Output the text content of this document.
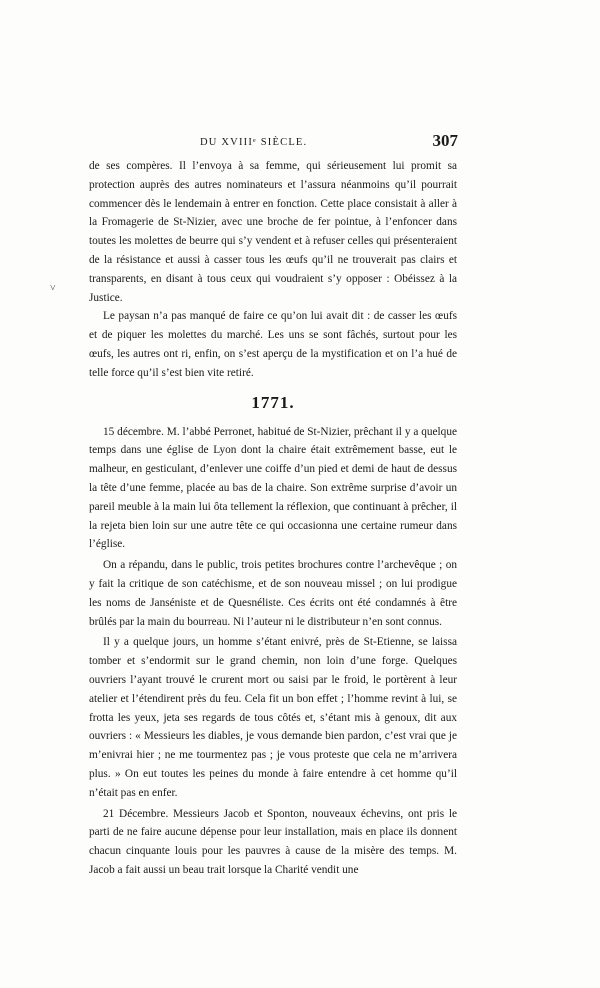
DU XVIIIᵉ SIÈCLE.	307
˅

de ses compères. Il l’envoya à sa femme, qui sérieusement lui promit sa protection auprès des autres nominateurs et l’assura néanmoins qu’il pourrait commencer dès le lendemain à entrer en fonction. Cette place consistait à aller à la Fromagerie de St-Nizier, avec une broche de fer pointue, à l’enfoncer dans toutes les molettes de beurre qui s’y vendent et à refuser celles qui présenteraient de la résistance et aussi à casser tous les œufs qu’il ne trouverait pas clairs et transparents, en disant à tous ceux qui voudraient s’y opposer : Obéissez à la Justice.

Le paysan n’a pas manqué de faire ce qu’on lui avait dit : de casser les œufs et de piquer les molettes du marché. Les uns se sont fâchés, surtout pour les œufs, les autres ont ri, enfin, on s’est aperçu de la mystification et on l’a hué de telle force qu’il s’est bien vite retiré.

1771.

15 décembre. M. l’abbé Perronet, habitué de St-Nizier, prêchant il y a quelque temps dans une église de Lyon dont la chaire était extrêmement basse, eut le malheur, en gesticulant, d’enlever une coiffe d’un pied et demi de haut de dessus la tête d’une femme, placée au bas de la chaire. Son extrême surprise d’avoir un pareil meuble à la main lui ôta tellement la réflexion, que continuant à prêcher, il la rejeta bien loin sur une autre tête ce qui occasionna une certaine rumeur dans l’église.

On a répandu, dans le public, trois petites brochures contre l’archevêque ; on y fait la critique de son catéchisme, et de son nouveau missel ; on lui prodigue les noms de Janséniste et de Quesnéliste. Ces écrits ont été condamnés à être brûlés par la main du bourreau. Ni l’auteur ni le distributeur n’en sont connus.

Il y a quelque jours, un homme s’étant enivré, près de St-Etienne, se laissa tomber et s’endormit sur le grand chemin, non loin d’une forge. Quelques ouvriers l’ayant trouvé le crurent mort ou saisi par le froid, le portèrent à leur atelier et l’étendirent près du feu. Cela fit un bon effet ; l’homme revint à lui, se frotta les yeux, jeta ses regards de tous côtés et, s’étant mis à genoux, dit aux ouvriers : « Messieurs les diables, je vous demande bien pardon, c’est vrai que je m’enivrai hier ; ne me tourmentez pas ; je vous proteste que cela ne m’arrivera plus. » On eut toutes les peines du monde à faire entendre à cet homme qu’il n’était pas en enfer.

21 Décembre. Messieurs Jacob et Sponton, nouveaux échevins, ont pris le parti de ne faire aucune dépense pour leur installation, mais en place ils donnent chacun cinquante louis pour les pauvres à cause de la misère des temps. M. Jacob a fait aussi un beau trait lorsque la Charité vendit une
